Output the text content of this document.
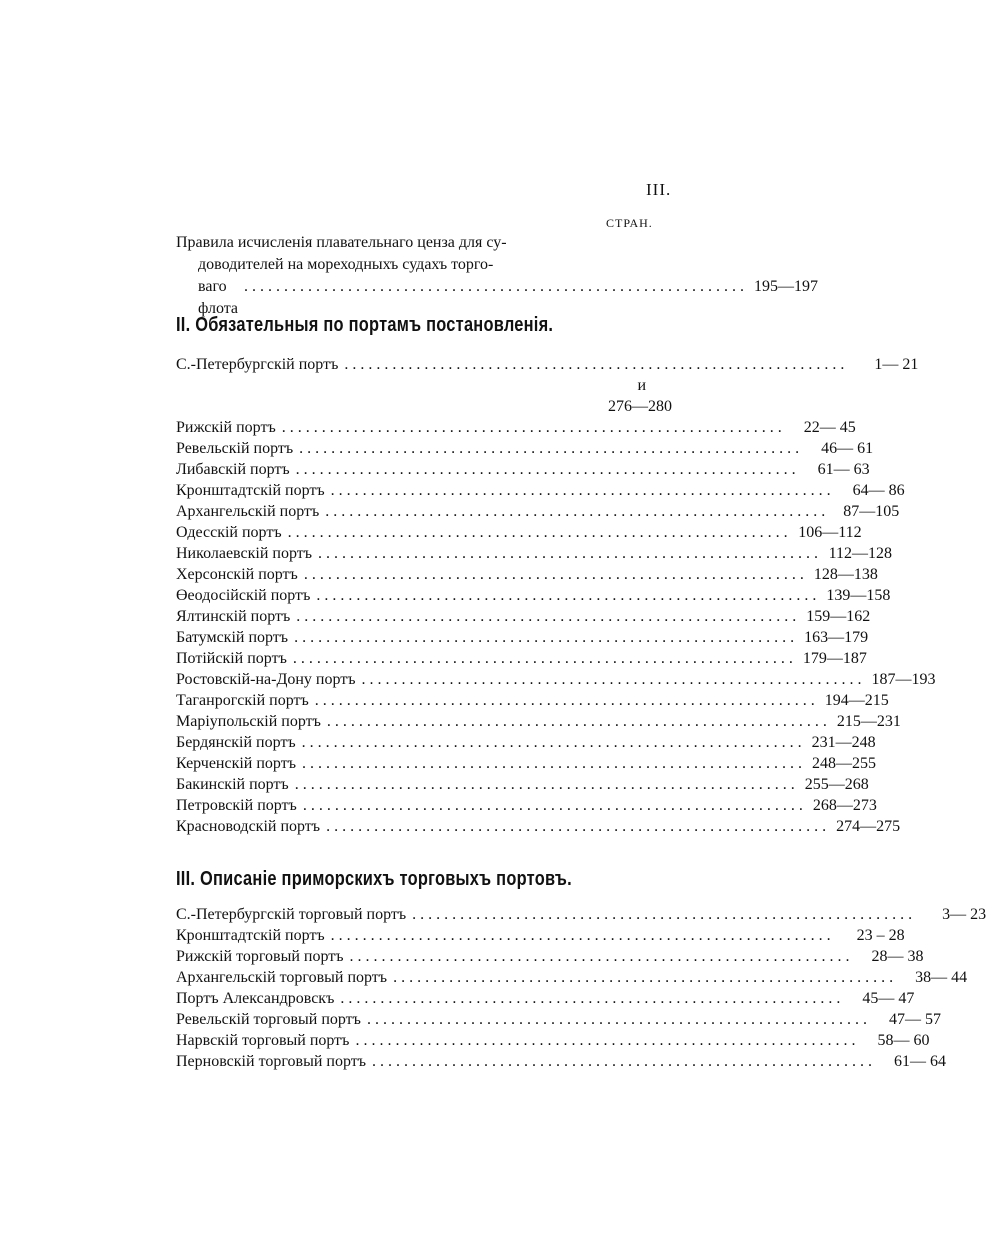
III.
СТРАН.
Правила исчисленія плавательнаго ценза для су-
доводителей на мореходныхъ судахъ торго-
ваго флота
............................................................... 195—197
II. Обязательныя по портамъ постановленія.
С.-Петербургскій портъ ...............................................................	1— 21
и
276—280
Рижскій портъ ...............................................................	22— 45
Ревельскій портъ ...............................................................	46— 61
Либавскій портъ ...............................................................	61— 63
Кронштадтскій портъ ...............................................................	64— 86
Архангельскій портъ ............................................................... 87—105
Одесскій портъ ............................................................... 106—112
Николаевскій портъ ............................................................... 112—128
Херсонскій портъ ............................................................... 128—138
Өеодосійскій портъ ............................................................... 139—158
Ялтинскій портъ ............................................................... 159—162
Батумскій портъ ............................................................... 163—179
Потійскій портъ ............................................................... 179—187
Ростовскій-на-Дону портъ ............................................................... 187—193
Таганрогскій портъ ............................................................... 194—215
Маріупольскій портъ ............................................................... 215—231
Бердянскій портъ ............................................................... 231—248
Керченскій портъ ............................................................... 248—255
Бакинскій портъ ............................................................... 255—268
Петровскій портъ ............................................................... 268—273
Красноводскій портъ ............................................................... 274—275
III. Описаніе приморскихъ торговыхъ портовъ.
С.-Петербургскій торговый портъ ...............................................................	3— 23
Кронштадтскій портъ ...............................................................	23 – 28
Рижскій торговый портъ ...............................................................	28— 38
Архангельскій торговый портъ ...............................................................	38— 44
Портъ Александровскъ ...............................................................	45— 47
Ревельскій торговый портъ ...............................................................	47— 57
Нарвскій торговый портъ ...............................................................	58— 60
Перновскій торговый портъ ...............................................................	61— 64
